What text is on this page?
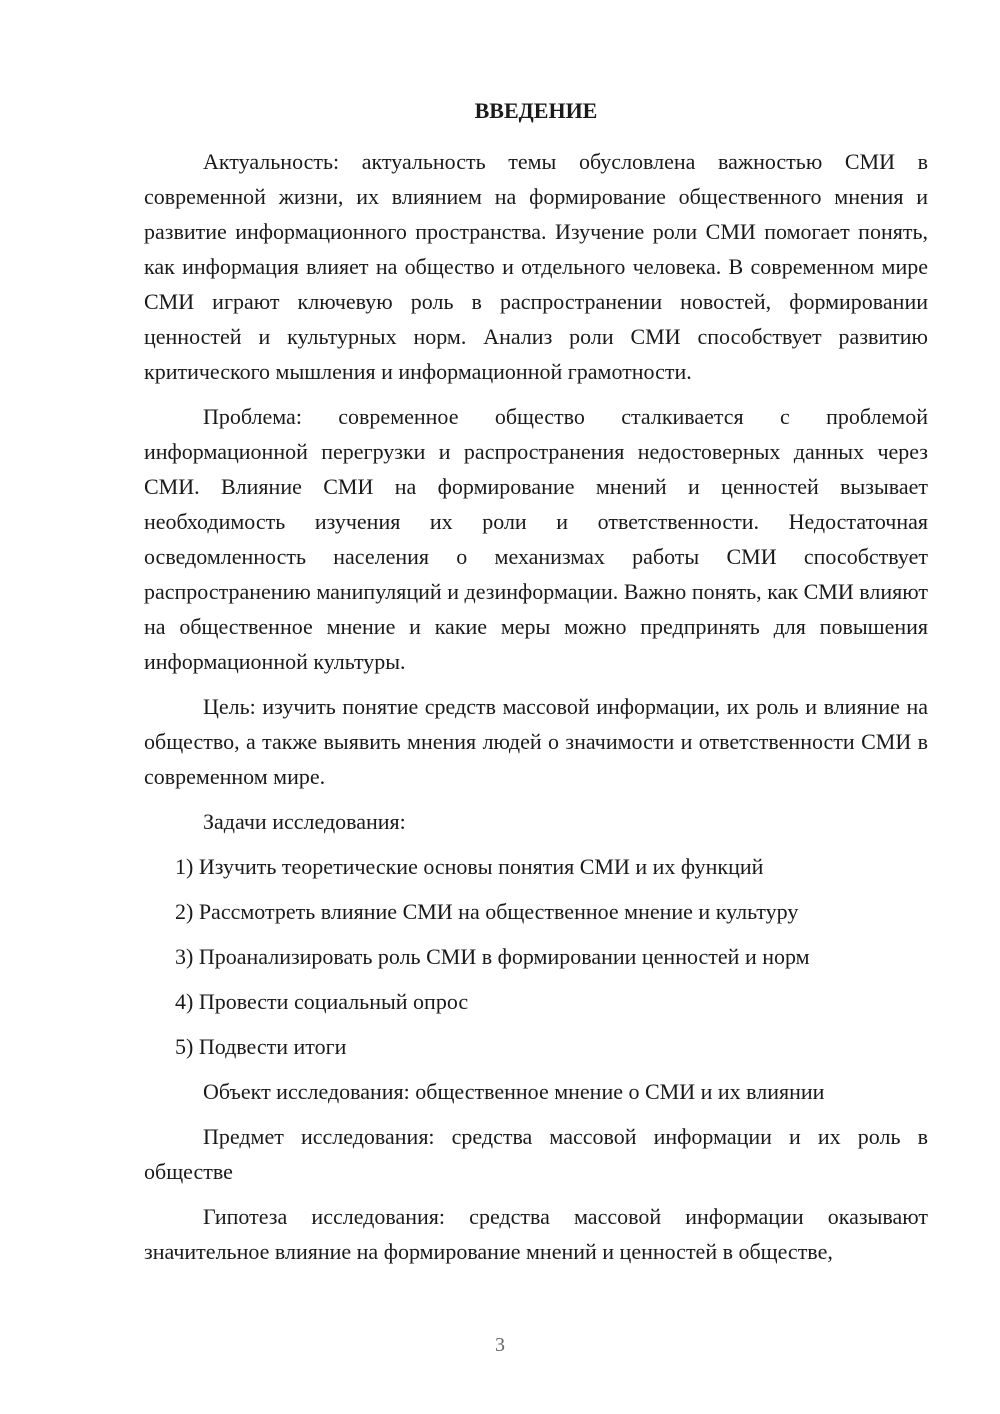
ВВЕДЕНИЕ

Актуальность: актуальность темы обусловлена важностью СМИ в современной жизни, их влиянием на формирование общественного мнения и развитие информационного пространства. Изучение роли СМИ помогает понять, как информация влияет на общество и отдельного человека. В современном мире СМИ играют ключевую роль в распространении новостей, формировании ценностей и культурных норм. Анализ роли СМИ способствует развитию критического мышления и информационной грамотности.

Проблема: современное общество сталкивается с проблемой информационной перегрузки и распространения недостоверных данных через СМИ. Влияние СМИ на формирование мнений и ценностей вызывает необходимость изучения их роли и ответственности. Недостаточная осведомленность населения о механизмах работы СМИ способствует распространению манипуляций и дезинформации. Важно понять, как СМИ влияют на общественное мнение и какие меры можно предпринять для повышения информационной культуры.

Цель: изучить понятие средств массовой информации, их роль и влияние на общество, а также выявить мнения людей о значимости и ответственности СМИ в современном мире.

Задачи исследования:
1) Изучить теоретические основы понятия СМИ и их функций
2) Рассмотреть влияние СМИ на общественное мнение и культуру
3) Проанализировать роль СМИ в формировании ценностей и норм
4) Провести социальный опрос
5) Подвести итоги

Объект исследования: общественное мнение о СМИ и их влиянии

Предмет исследования: средства массовой информации и их роль в обществе

Гипотеза исследования: средства массовой информации оказывают значительное влияние на формирование мнений и ценностей в обществе,

3
